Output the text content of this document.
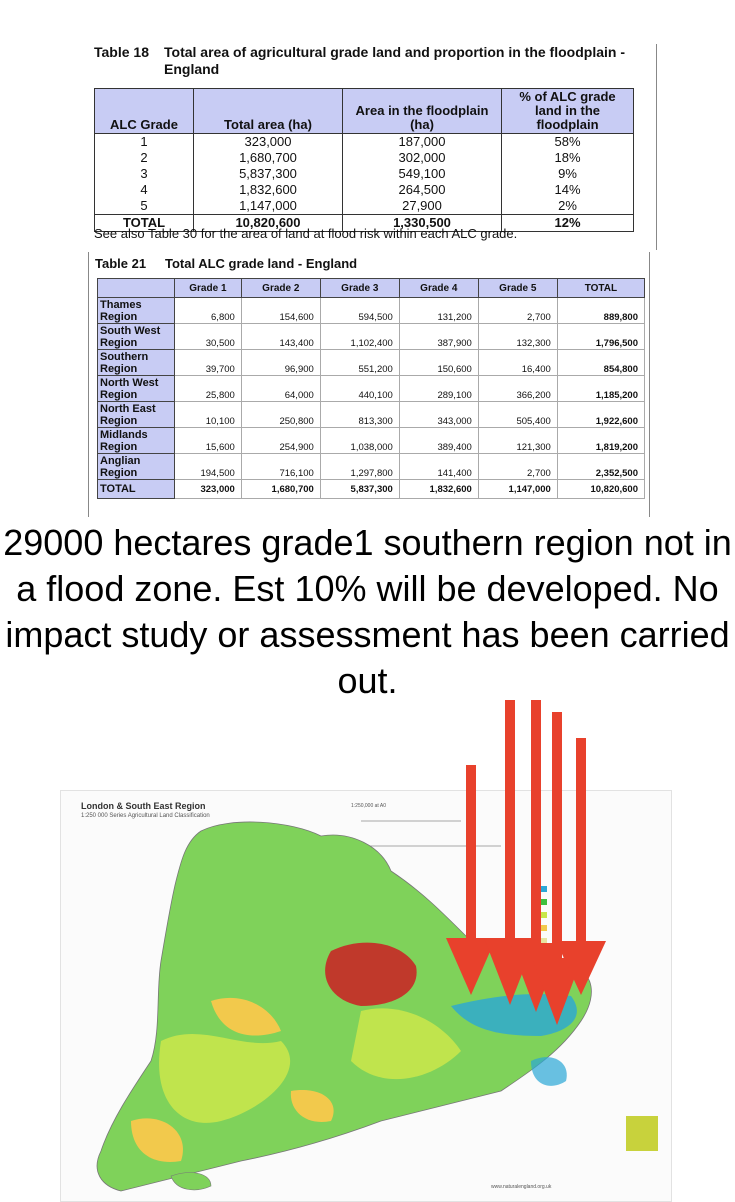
Table 18	Total area of agricultural grade land and proportion in the floodplain - England
ALC Grade	Total area (ha)	Area in the floodplain (ha)	% of ALC grade land in the floodplain
1	323,000	187,000	58%
2	1,680,700	302,000	18%
3	5,837,300	549,100	9%
4	1,832,600	264,500	14%
5	1,147,000	27,900	2%
TOTAL	10,820,600	1,330,500	12%
See also Table 30 for the area of land at flood risk within each ALC grade.
Table 21	Total ALC grade land - England
	Grade 1	Grade 2	Grade 3	Grade 4	Grade 5	TOTAL
Thames Region	6,800	154,600	594,500	131,200	2,700	889,800
South West Region	30,500	143,400	1,102,400	387,900	132,300	1,796,500
Southern Region	39,700	96,900	551,200	150,600	16,400	854,800
North West Region	25,800	64,000	440,100	289,100	366,200	1,185,200
North East Region	10,100	250,800	813,300	343,000	505,400	1,922,600
Midlands Region	15,600	254,900	1,038,000	389,400	121,300	1,819,200
Anglian Region	194,500	716,100	1,297,800	141,400	2,700	2,352,500
TOTAL	323,000	1,680,700	5,837,300	1,832,600	1,147,000	10,820,600
29000 hectares grade1 southern region not in a flood zone. Est 10% will be developed. No impact study or assessment has been carried out.
London & South East Region
1:250 000 Series Agricultural Land Classification
1:250,000 at A0
www.naturalengland.org.uk
